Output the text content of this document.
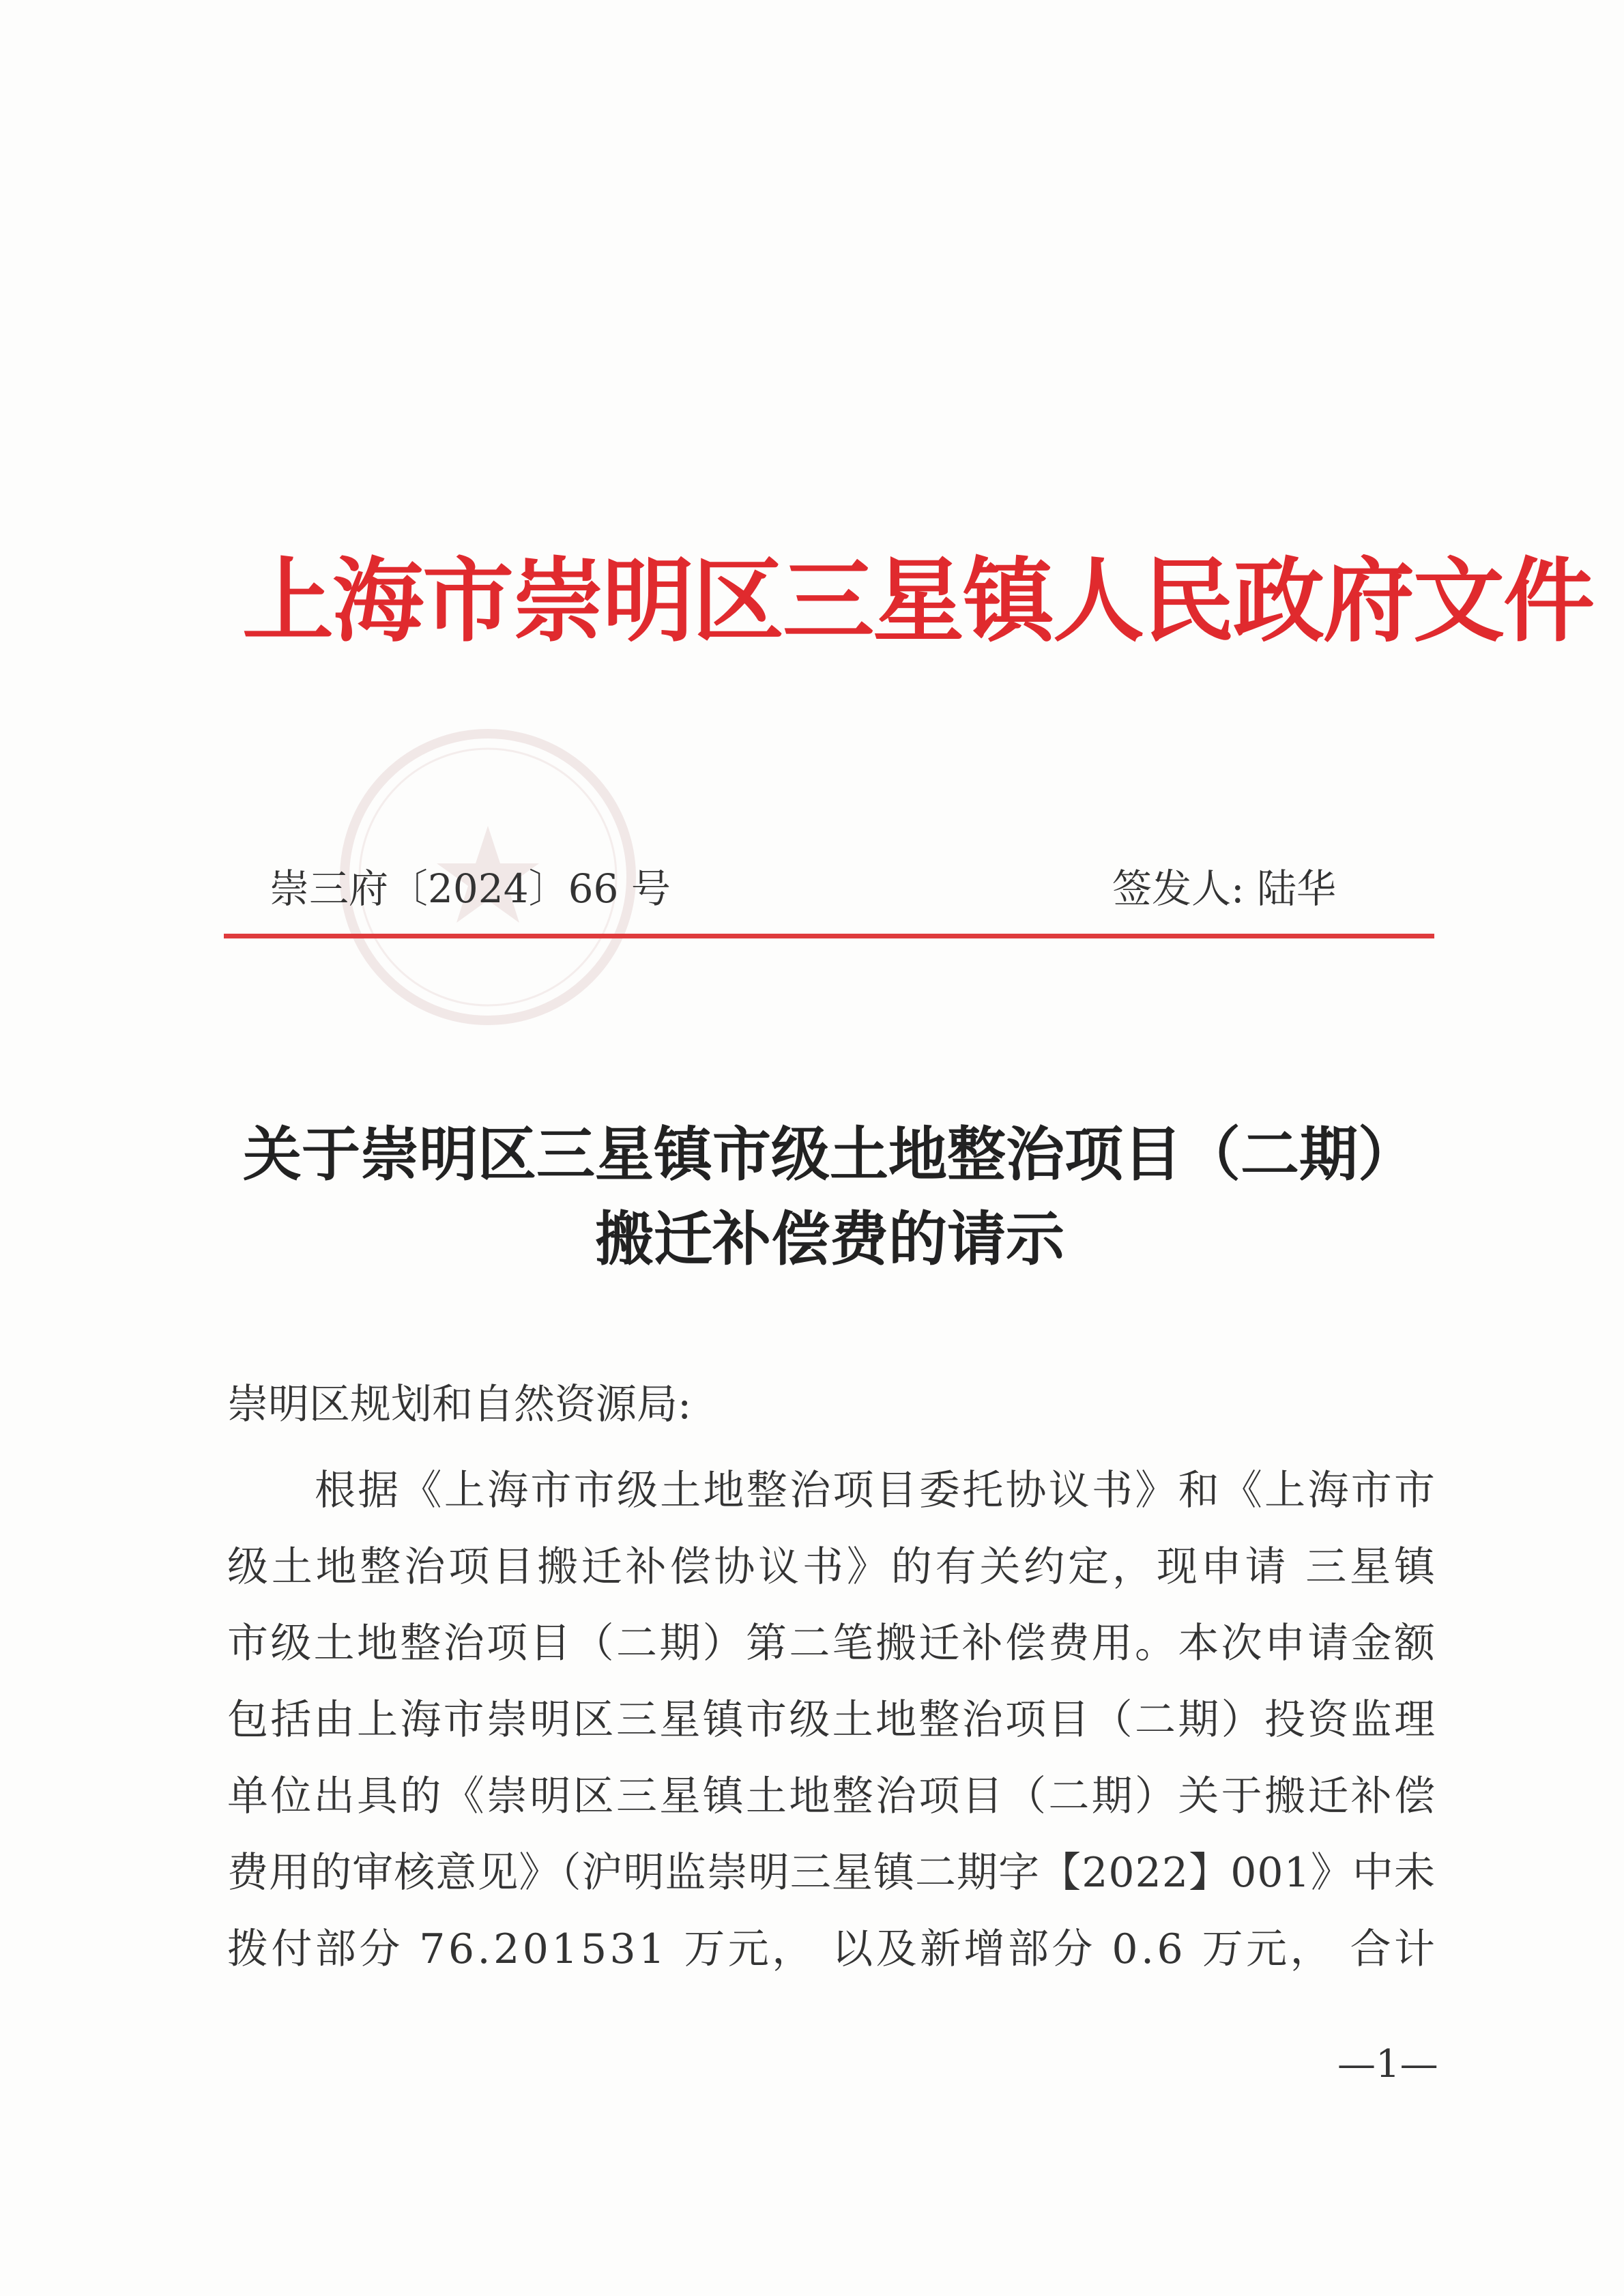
上海市崇明区三星镇人民政府文件
崇三府〔2024〕66 号	签发人: 陆华
关于崇明区三星镇市级土地整治项目（二期）
搬迁补偿费的请示
崇明区规划和自然资源局:
根据《上海市市级土地整治项目委托协议书》和《上海市市
级土地整治项目搬迁补偿协议书》的有关约定，现申请 三星镇
市级土地整治项目（二期）第二笔搬迁补偿费用。本次申请金额
包括由上海市崇明区三星镇市级土地整治项目（二期）投资监理
单位出具的《崇明区三星镇土地整治项目（二期）关于搬迁补偿
费用的审核意见》（沪明监崇明三星镇二期字【2022】001》中未
拨付部分 76.201531 万元， 以及新增部分 0.6 万元， 合计
—1—
